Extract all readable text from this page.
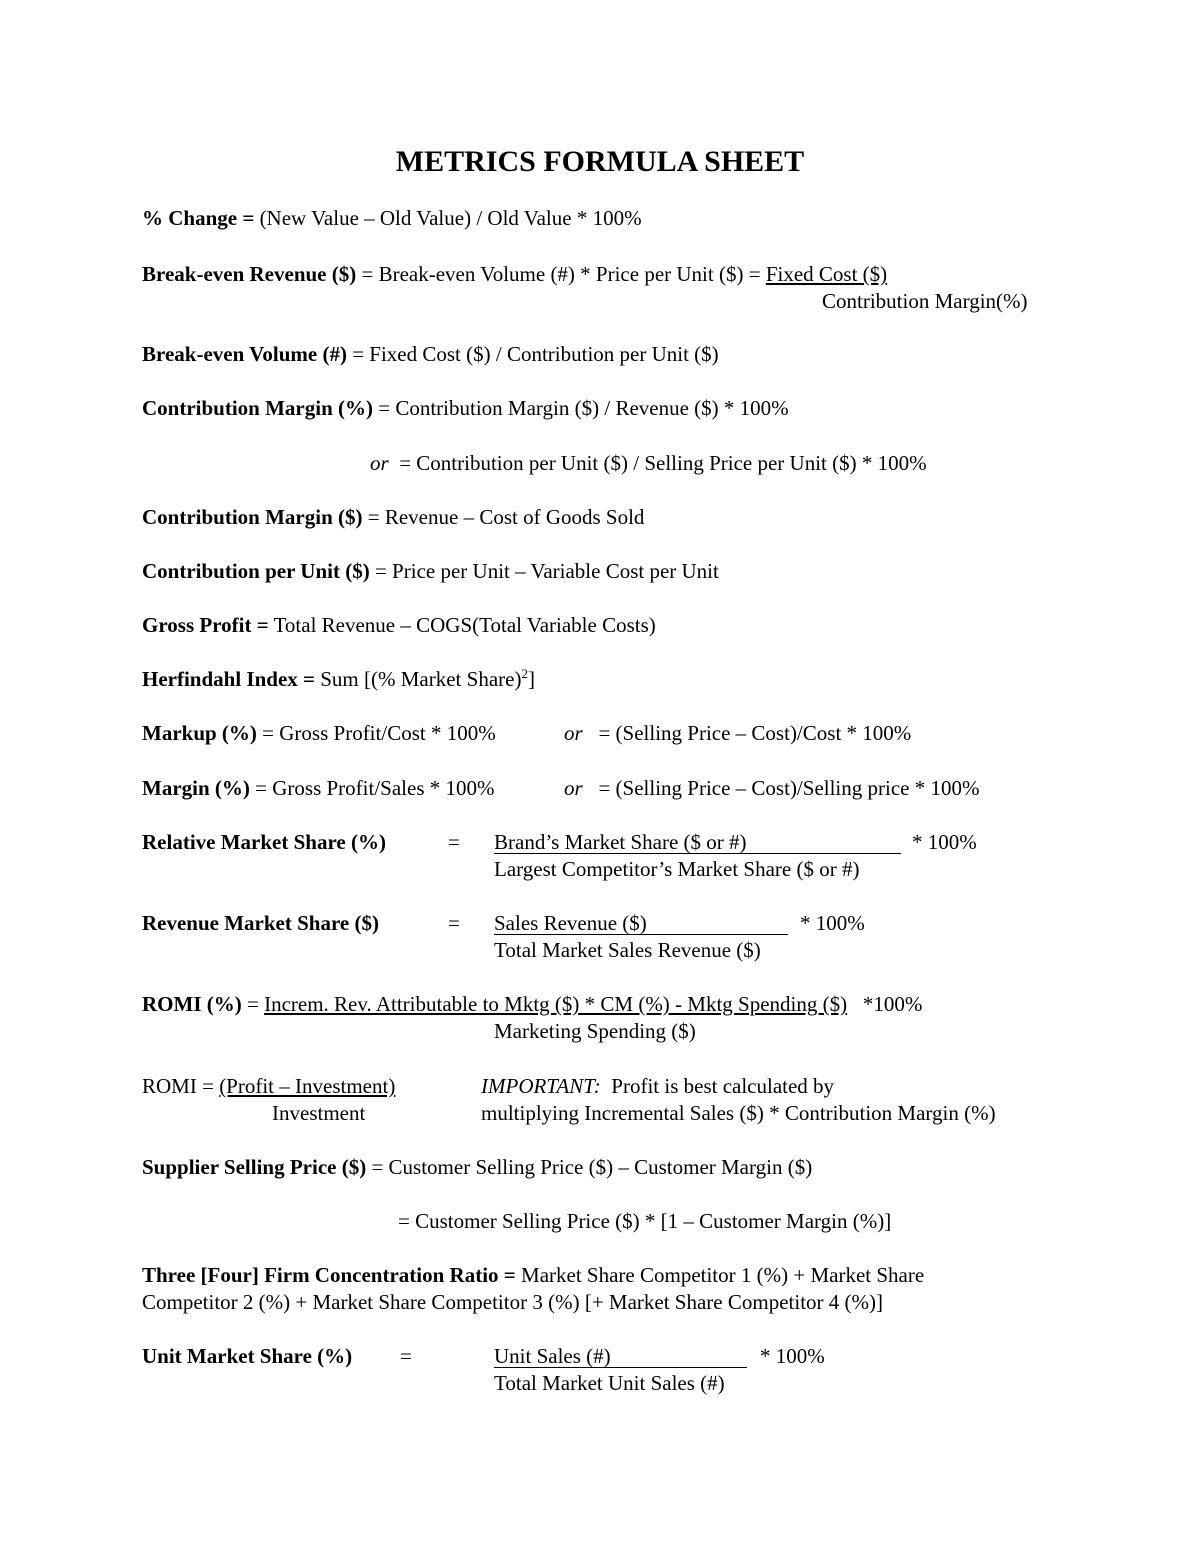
METRICS FORMULA SHEET
% Change = (New Value – Old Value) / Old Value * 100%
Break-even Revenue ($) = Break-even Volume (#) * Price per Unit ($) = Fixed Cost ($)
Contribution Margin(%)
Break-even Volume (#) = Fixed Cost ($) / Contribution per Unit ($)
Contribution Margin (%) = Contribution Margin ($) / Revenue ($) * 100%
or = Contribution per Unit ($) / Selling Price per Unit ($) * 100%
Contribution Margin ($) = Revenue – Cost of Goods Sold
Contribution per Unit ($) = Price per Unit – Variable Cost per Unit
Gross Profit = Total Revenue – COGS(Total Variable Costs)
Herfindahl Index = Sum [(% Market Share)$^2$]
Markup (%) = Gross Profit/Cost * 100%	or = (Selling Price – Cost)/Cost * 100%
Margin (%) = Gross Profit/Sales * 100%	or = (Selling Price – Cost)/Selling price * 100%
Relative Market Share (%)	= Brand’s Market Share ($ or #)	* 100%
Largest Competitor’s Market Share ($ or #)
Revenue Market Share ($)	= Sales Revenue ($)	* 100%
Total Market Sales Revenue ($)
ROMI (%) = Increm. Rev. Attributable to Mktg ($) * CM (%) - Mktg Spending ($) *100%
Marketing Spending ($)
ROMI = (Profit – Investment)
Investment
IMPORTANT: Profit is best calculated by
multiplying Incremental Sales ($) * Contribution Margin (%)
Supplier Selling Price ($) = Customer Selling Price ($) – Customer Margin ($)
= Customer Selling Price ($) * [1 – Customer Margin (%)]
Three [Four] Firm Concentration Ratio = Market Share Competitor 1 (%) + Market Share
Competitor 2 (%) + Market Share Competitor 3 (%) [+ Market Share Competitor 4 (%)]
Unit Market Share (%) =	Unit Sales (#)	* 100%
Total Market Unit Sales (#)
